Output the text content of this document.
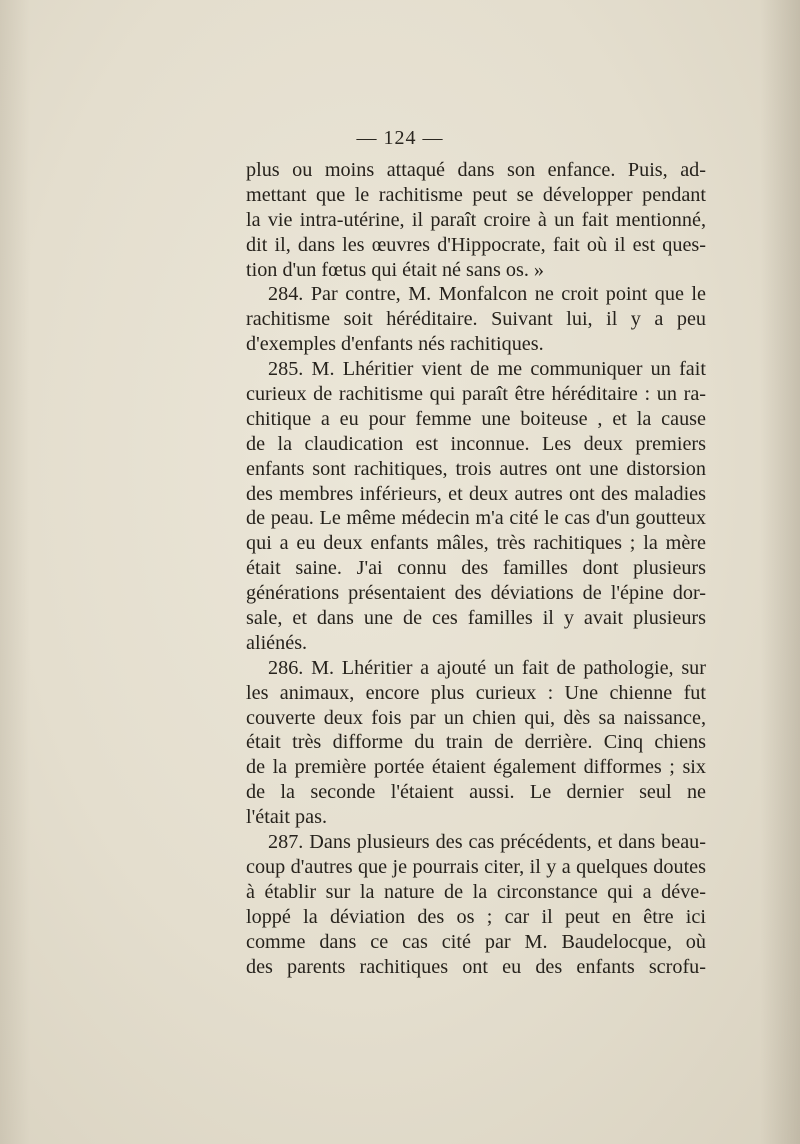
— 124 —
plus ou moins attaqué dans son enfance. Puis, ad-
mettant que le rachitisme peut se développer pendant
la vie intra-utérine, il paraît croire à un fait mentionné,
dit il, dans les œuvres d'Hippocrate, fait où il est ques-
tion d'un fœtus qui était né sans os. »
284. Par contre, M. Monfalcon ne croit point que le
rachitisme soit héréditaire. Suivant lui, il y a peu
d'exemples d'enfants nés rachitiques.
285. M. Lhéritier vient de me communiquer un fait
curieux de rachitisme qui paraît être héréditaire : un ra-
chitique a eu pour femme une boiteuse , et la cause
de la claudication est inconnue. Les deux premiers
enfants sont rachitiques, trois autres ont une distorsion
des membres inférieurs, et deux autres ont des maladies
de peau. Le même médecin m'a cité le cas d'un goutteux
qui a eu deux enfants mâles, très rachitiques ; la mère
était saine. J'ai connu des familles dont plusieurs
générations présentaient des déviations de l'épine dor-
sale, et dans une de ces familles il y avait plusieurs
aliénés.
286. M. Lhéritier a ajouté un fait de pathologie, sur
les animaux, encore plus curieux : Une chienne fut
couverte deux fois par un chien qui, dès sa naissance,
était très difforme du train de derrière. Cinq chiens
de la première portée étaient également difformes ; six
de la seconde l'étaient aussi. Le dernier seul ne
l'était pas.
287. Dans plusieurs des cas précédents, et dans beau-
coup d'autres que je pourrais citer, il y a quelques doutes
à établir sur la nature de la circonstance qui a déve-
loppé la déviation des os ; car il peut en être ici
comme dans ce cas cité par M. Baudelocque, où
des parents rachitiques ont eu des enfants scrofu-
